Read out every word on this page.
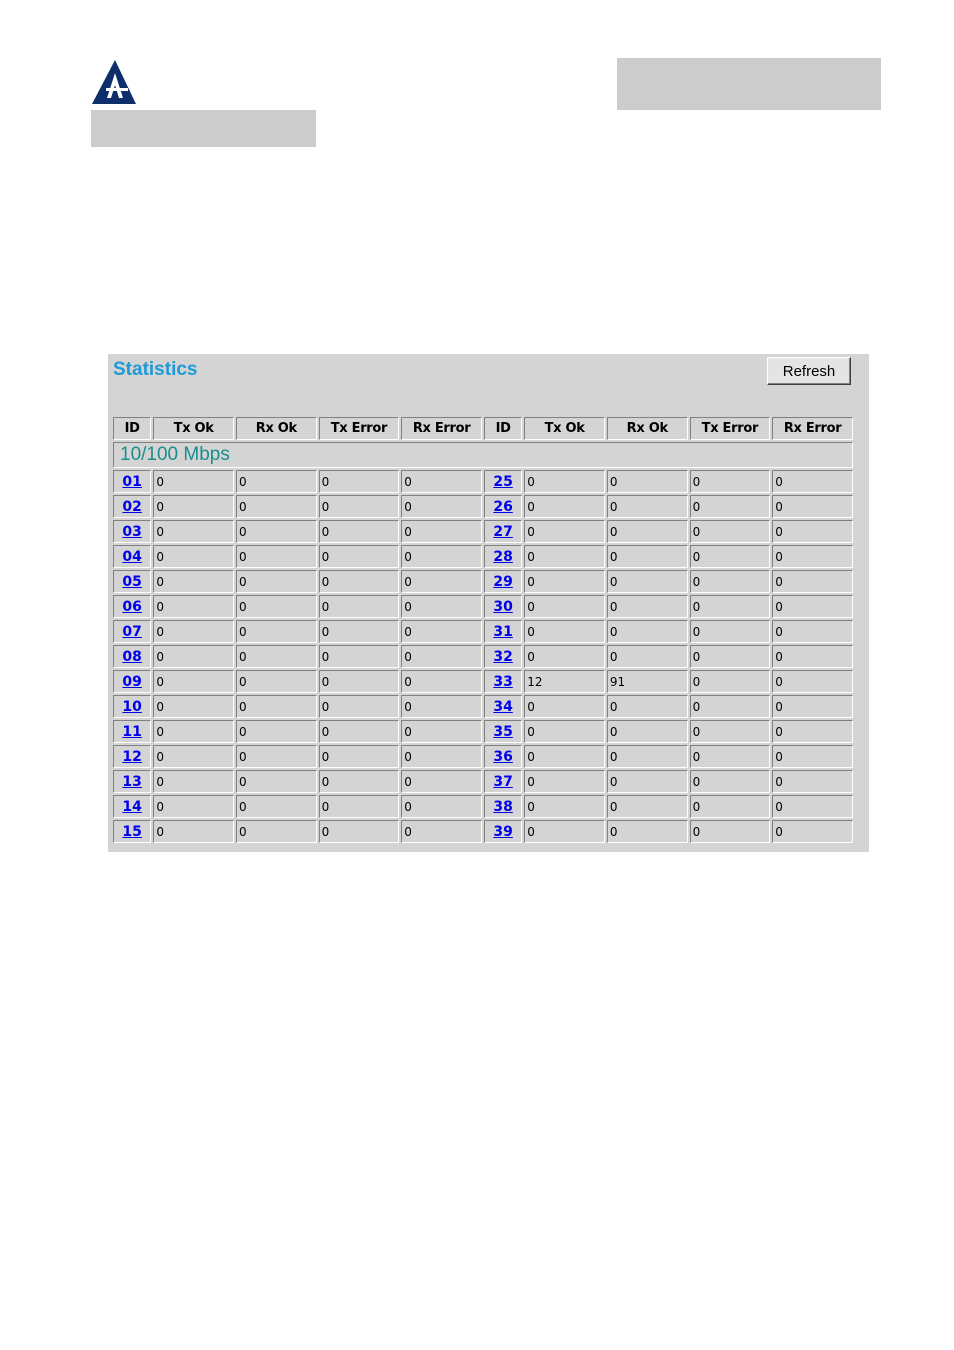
Statistics	Refresh
ID	Tx Ok	Rx Ok	Tx Error	Rx Error	ID	Tx Ok	Rx Ok	Tx Error	Rx Error
10/100 Mbps									
01	0	0	0	0	25	0	0	0	0
02	0	0	0	0	26	0	0	0	0
03	0	0	0	0	27	0	0	0	0
04	0	0	0	0	28	0	0	0	0
05	0	0	0	0	29	0	0	0	0
06	0	0	0	0	30	0	0	0	0
07	0	0	0	0	31	0	0	0	0
08	0	0	0	0	32	0	0	0	0
09	0	0	0	0	33	12	91	0	0
10	0	0	0	0	34	0	0	0	0
11	0	0	0	0	35	0	0	0	0
12	0	0	0	0	36	0	0	0	0
13	0	0	0	0	37	0	0	0	0
14	0	0	0	0	38	0	0	0	0
15	0	0	0	0	39	0	0	0	0
